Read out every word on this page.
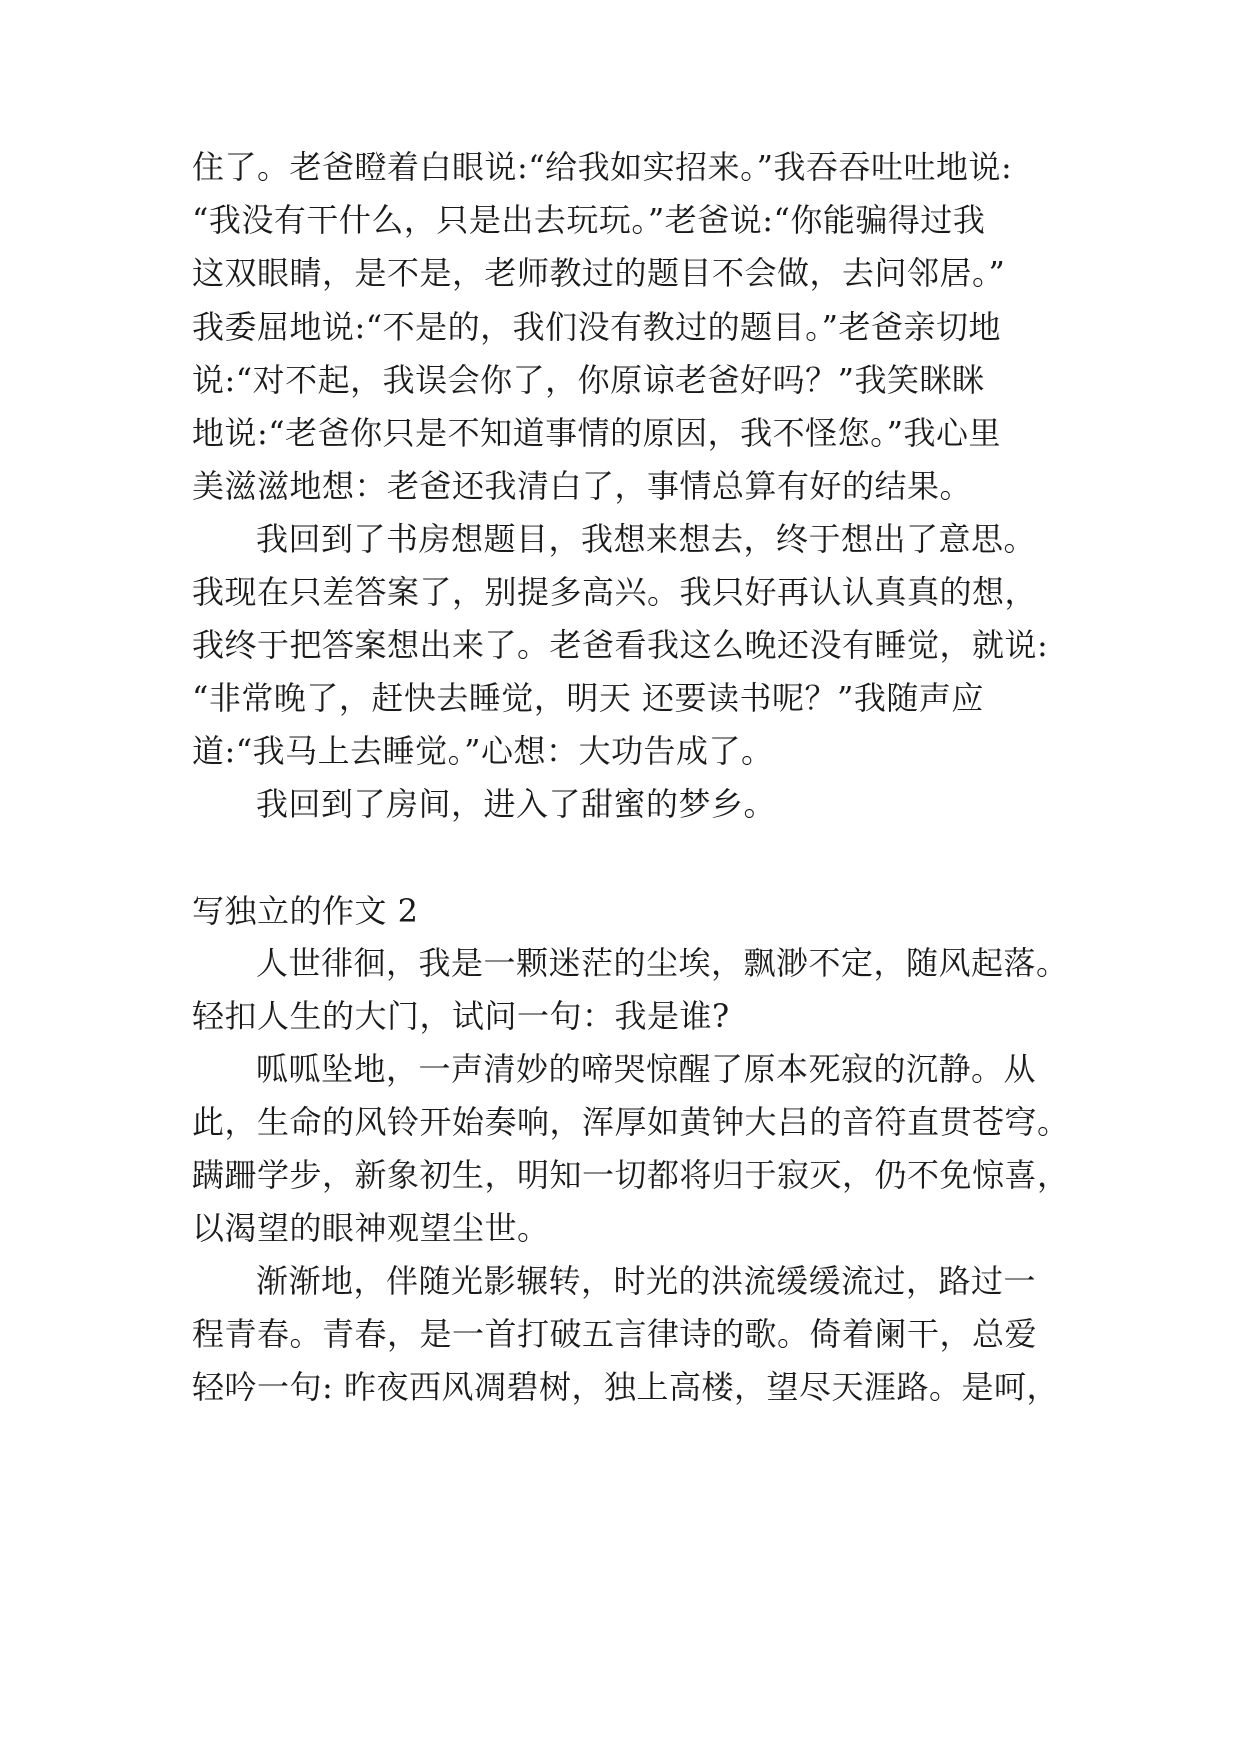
住了。老爸瞪着白眼说:“给我如实招来。”我吞吞吐吐地说:

“我没有干什么，只是出去玩玩。”老爸说:“你能骗得过我

这双眼睛，是不是，老师教过的题目不会做，去问邻居。”

我委屈地说:“不是的，我们没有教过的题目。”老爸亲切地

说:“对不起，我误会你了，你原谅老爸好吗？”我笑眯眯

地说:“老爸你只是不知道事情的原因，我不怪您。”我心里

美滋滋地想：老爸还我清白了，事情总算有好的结果。

我回到了书房想题目，我想来想去，终于想出了意思。

我现在只差答案了，别提多高兴。我只好再认认真真的想，

我终于把答案想出来了。老爸看我这么晚还没有睡觉，就说:

“非常晚了，赶快去睡觉，明天 还要读书呢？”我随声应

道:“我马上去睡觉。”心想：大功告成了。

我回到了房间，进入了甜蜜的梦乡。

写独立的作文 2

人世徘徊，我是一颗迷茫的尘埃，飘渺不定，随风起落。

轻扣人生的大门，试问一句：我是谁?

呱呱坠地，一声清妙的啼哭惊醒了原本死寂的沉静。从

此，生命的风铃开始奏响，浑厚如黄钟大吕的音符直贯苍穹。

蹒跚学步，新象初生，明知一切都将归于寂灭，仍不免惊喜，

以渴望的眼神观望尘世。

渐渐地，伴随光影辗转，时光的洪流缓缓流过，路过一

程青春。青春，是一首打破五言律诗的歌。倚着阑干，总爱

轻吟一句: 昨夜西风凋碧树，独上高楼，望尽天涯路。是呵，
